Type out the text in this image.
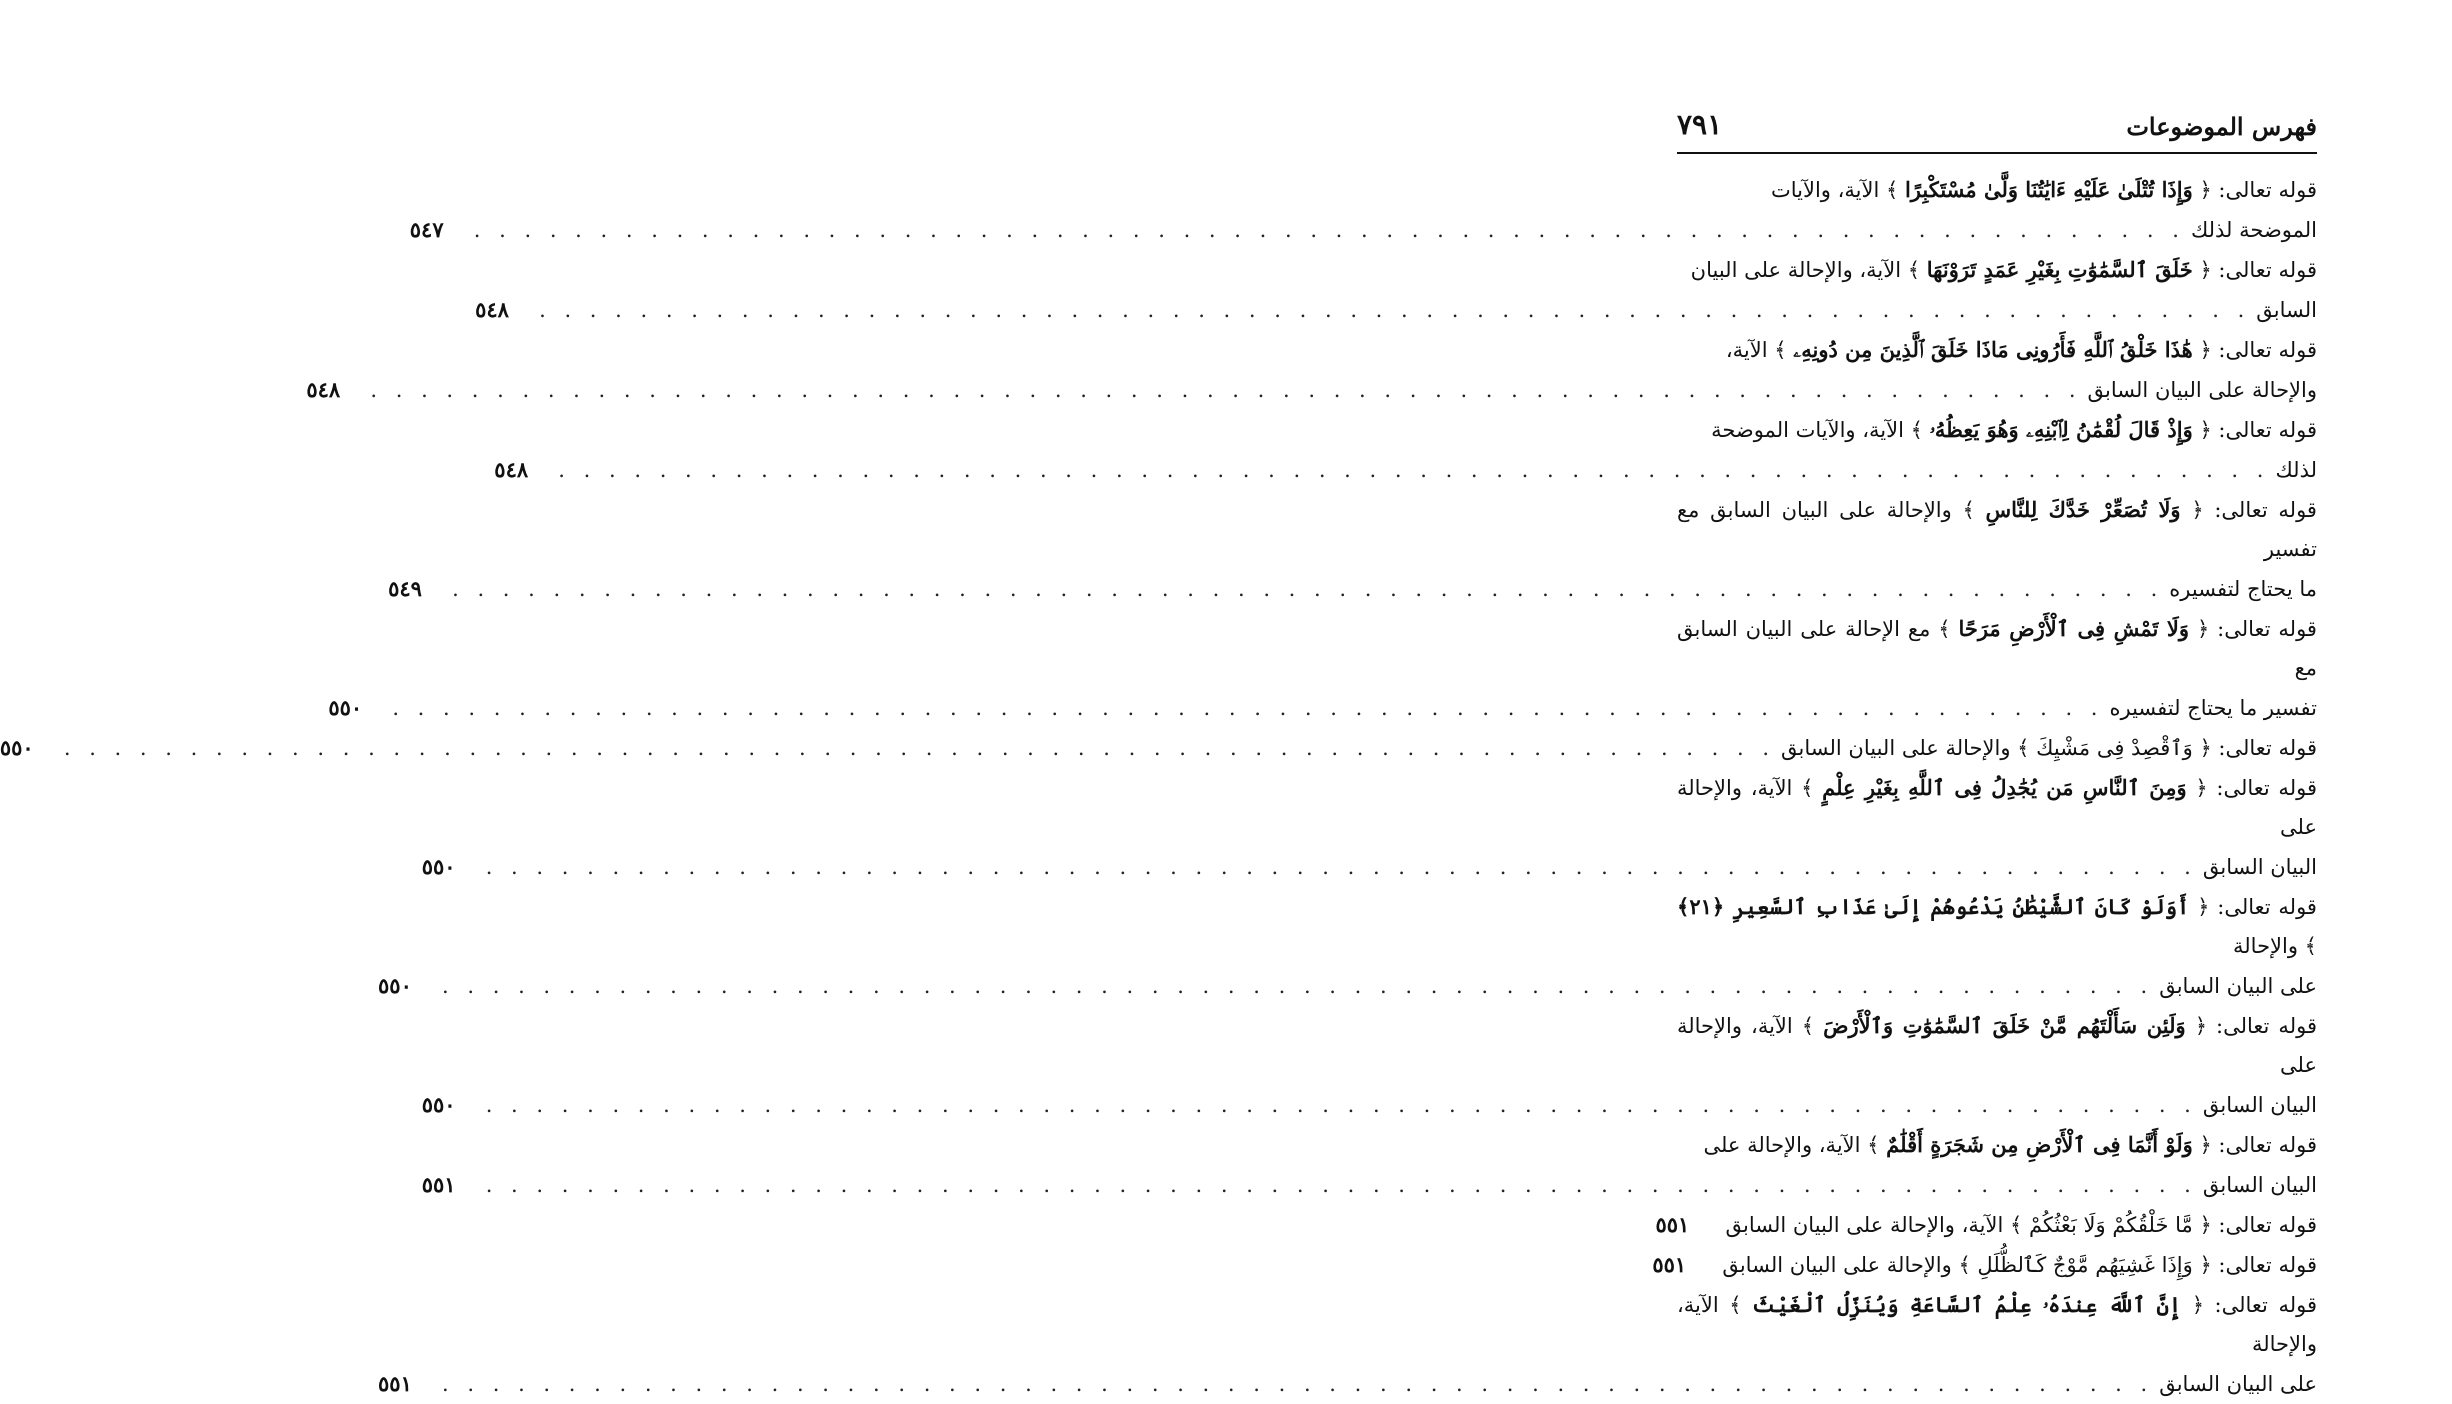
فهرس الموضوعات
٧٩١
قوله تعالى: ﴿ وَإِذَا تُتْلَىٰ عَلَيْهِ ءَايَٰتُنَا وَلَّىٰ مُسْتَكْبِرًا ﴾ الآية، والآيات
الموضحة لذلك
. . .
٥٤٧
قوله تعالى: ﴿ خَلَقَ ٱلسَّمَٰوَٰتِ بِغَيْرِ عَمَدٍ تَرَوْنَهَا ﴾ الآية، والإحالة على البيان
السابق
. . .
٥٤٨
قوله تعالى: ﴿ هَٰذَا خَلْقُ ٱللَّهِ فَأَرُونِى مَاذَا خَلَقَ ٱلَّذِينَ مِن دُونِهِۦ ﴾ الآية،
والإحالة على البيان السابق
. . .
٥٤٨
قوله تعالى: ﴿ وَإِذْ قَالَ لُقْمَٰنُ لِٱبْنِهِۦ وَهُوَ يَعِظُهُۥ ﴾ الآية، والآيات الموضحة
لذلك
. . .
٥٤٨
قوله تعالى: ﴿ وَلَا تُصَعِّرْ خَدَّكَ لِلنَّاسِ ﴾ والإحالة على البيان السابق مع تفسير
ما يحتاج لتفسيره
. . .
٥٤٩
قوله تعالى: ﴿ وَلَا تَمْشِ فِى ٱلْأَرْضِ مَرَحًا ﴾ مع الإحالة على البيان السابق مع
تفسير ما يحتاج لتفسيره
. . .
٥٥٠
قوله تعالى: ﴿ وَٱقْصِدْ فِى مَشْيِكَ ﴾ والإحالة على البيان السابق
. . .
٥٥٠
قوله تعالى: ﴿ وَمِنَ ٱلنَّاسِ مَن يُجَٰدِلُ فِى ٱللَّهِ بِغَيْرِ عِلْمٍ ﴾ الآية، والإحالة على
البيان السابق
. . .
٥٥٠
قوله تعالى: ﴿ أَوَلَوْ كَانَ ٱلشَّيْطَٰنُ يَدْعُوهُمْ إِلَىٰ عَذَابِ ٱلسَّعِيرِ ﴿٢١﴾ ﴾ والإحالة
على البيان السابق
. . .
٥٥٠
قوله تعالى: ﴿ وَلَئِن سَأَلْتَهُم مَّنْ خَلَقَ ٱلسَّمَٰوَٰتِ وَٱلْأَرْضَ ﴾ الآية، والإحالة على
البيان السابق
. . .
٥٥٠
قوله تعالى: ﴿ وَلَوْ أَنَّمَا فِى ٱلْأَرْضِ مِن شَجَرَةٍ أَقْلَٰمٌ ﴾ الآية، والإحالة على
البيان السابق
. . .
٥٥١
قوله تعالى: ﴿ مَّا خَلْقُكُمْ وَلَا بَعْثُكُمْ ﴾ الآية، والإحالة على البيان السابق
٥٥١
قوله تعالى: ﴿ وَإِذَا غَشِيَهُم مَّوْجٌ كَٱلظُّلَلِ ﴾ والإحالة على البيان السابق
٥٥١
قوله تعالى: ﴿ إِنَّ ٱللَّهَ عِندَهُۥ عِلْمُ ٱلسَّاعَةِ وَيُنَزِّلُ ٱلْغَيْثَ ﴾ الآية، والإحالة
على البيان السابق
. . .
٥٥١
